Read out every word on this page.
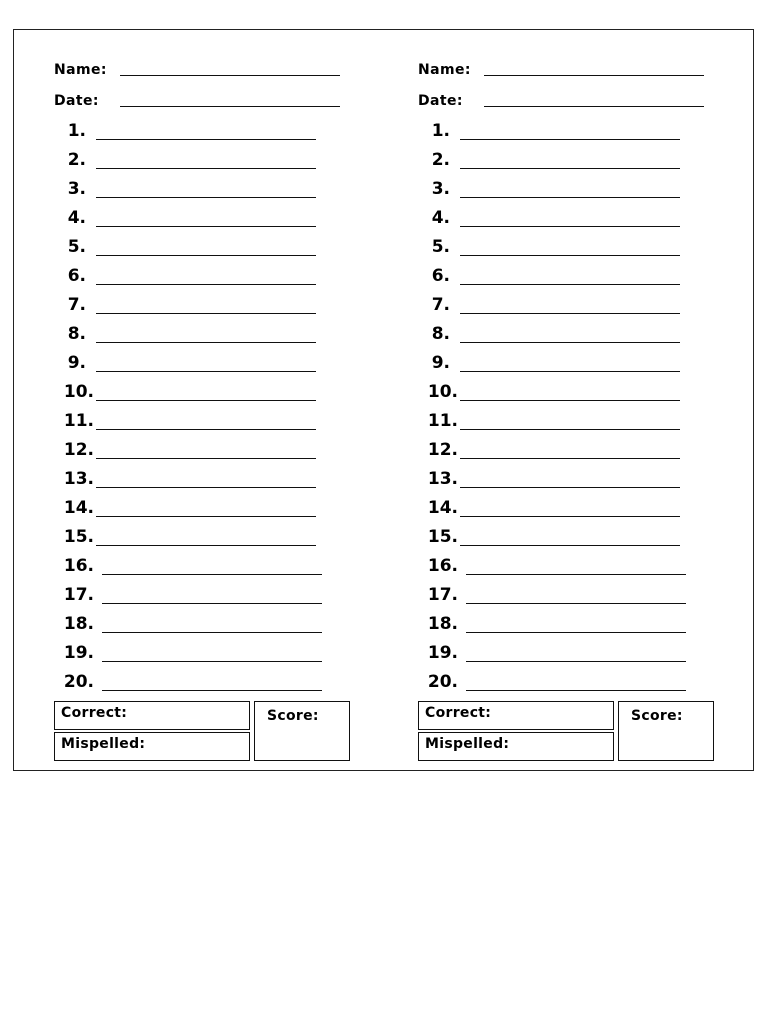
Name:
Date:
1.
2.
3.
4.
5.
6.
7.
8.
9.
10.
11.
12.
13.
14.
15.
16.
17.
18.
19.
20.
Correct:
Mispelled:
Score:
Name:
Date:
1.
2.
3.
4.
5.
6.
7.
8.
9.
10.
11.
12.
13.
14.
15.
16.
17.
18.
19.
20.
Correct:
Mispelled:
Score:
